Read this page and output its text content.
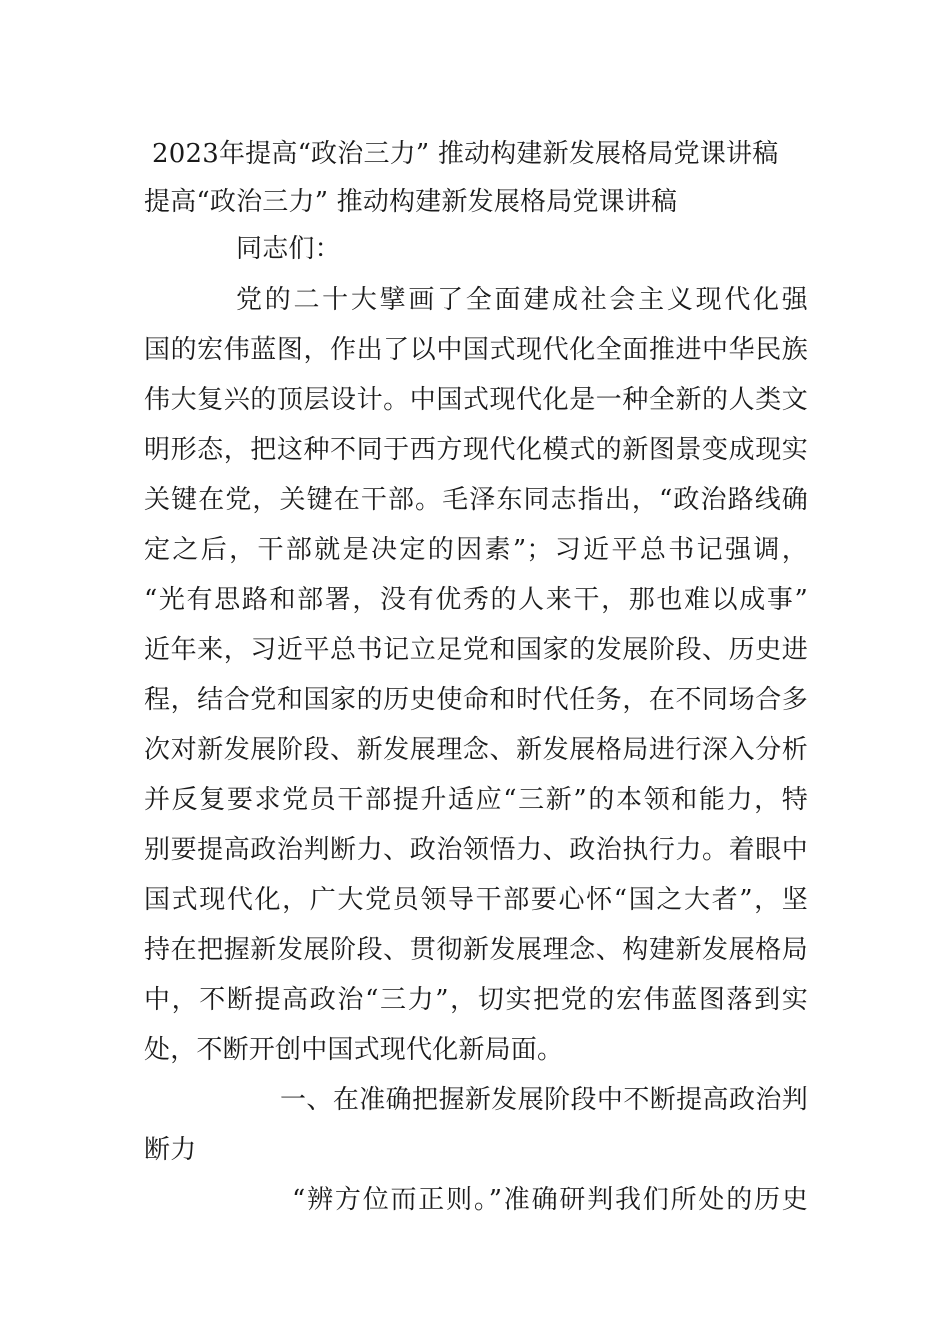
2023年提高“政治三力” 推动构建新发展格局党课讲稿
提高“政治三力” 推动构建新发展格局党课讲稿
同志们：
党的二十大擘画了全面建成社会主义现代化强
国的宏伟蓝图，作出了以中国式现代化全面推进中华民族
伟大复兴的顶层设计。中国式现代化是一种全新的人类文
明形态，把这种不同于西方现代化模式的新图景变成现实
关键在党，关键在干部。毛泽东同志指出，“政治路线确
定之后，干部就是决定的因素”；习近平总书记强调，
“光有思路和部署，没有优秀的人来干，那也难以成事”
近年来，习近平总书记立足党和国家的发展阶段、历史进
程，结合党和国家的历史使命和时代任务，在不同场合多
次对新发展阶段、新发展理念、新发展格局进行深入分析
并反复要求党员干部提升适应“三新”的本领和能力，特
别要提高政治判断力、政治领悟力、政治执行力。着眼中
国式现代化，广大党员领导干部要心怀“国之大者”，坚
持在把握新发展阶段、贯彻新发展理念、构建新发展格局
中，不断提高政治“三力”，切实把党的宏伟蓝图落到实
处，不断开创中国式现代化新局面。
一、在准确把握新发展阶段中不断提高政治判
断力
“辨方位而正则。”准确研判我们所处的历史
